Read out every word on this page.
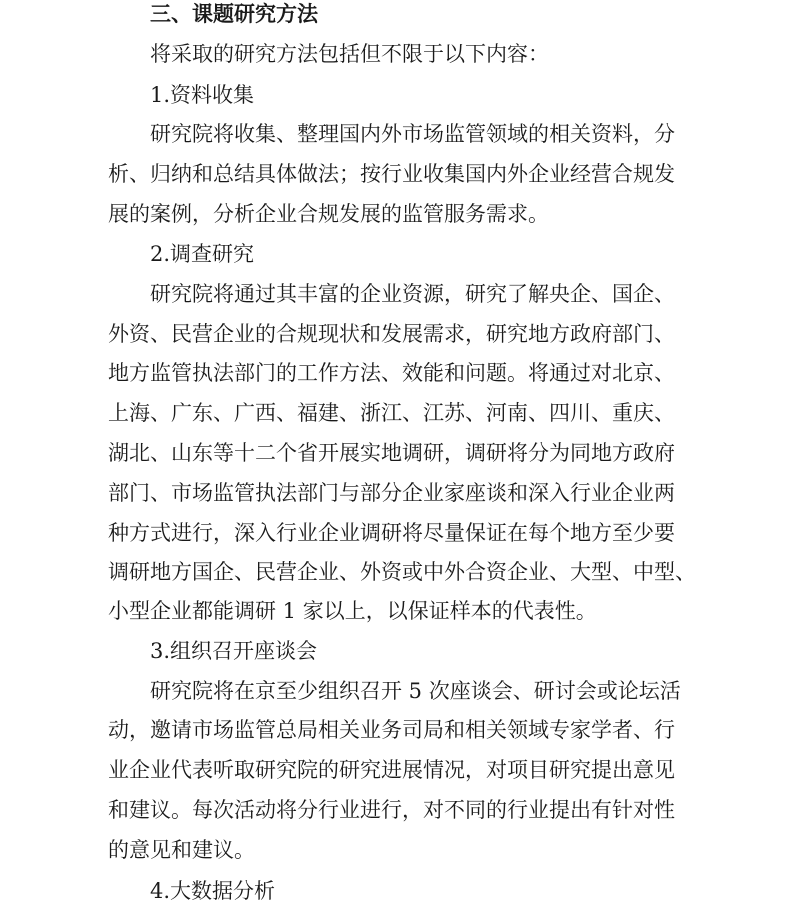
三、课题研究方法
将采取的研究方法包括但不限于以下内容：
1.资料收集
研究院将收集、整理国内外市场监管领域的相关资料，分
析、归纳和总结具体做法；按行业收集国内外企业经营合规发
展的案例，分析企业合规发展的监管服务需求。
2.调查研究
研究院将通过其丰富的企业资源，研究了解央企、国企、
外资、民营企业的合规现状和发展需求，研究地方政府部门、
地方监管执法部门的工作方法、效能和问题。将通过对北京、
上海、广东、广西、福建、浙江、江苏、河南、四川、重庆、
湖北、山东等十二个省开展实地调研，调研将分为同地方政府
部门、市场监管执法部门与部分企业家座谈和深入行业企业两
种方式进行，深入行业企业调研将尽量保证在每个地方至少要
调研地方国企、民营企业、外资或中外合资企业、大型、中型、
小型企业都能调研 1 家以上，以保证样本的代表性。
3.组织召开座谈会
研究院将在京至少组织召开 5 次座谈会、研讨会或论坛活
动，邀请市场监管总局相关业务司局和相关领域专家学者、行
业企业代表听取研究院的研究进展情况，对项目研究提出意见
和建议。每次活动将分行业进行，对不同的行业提出有针对性
的意见和建议。
4.大数据分析
